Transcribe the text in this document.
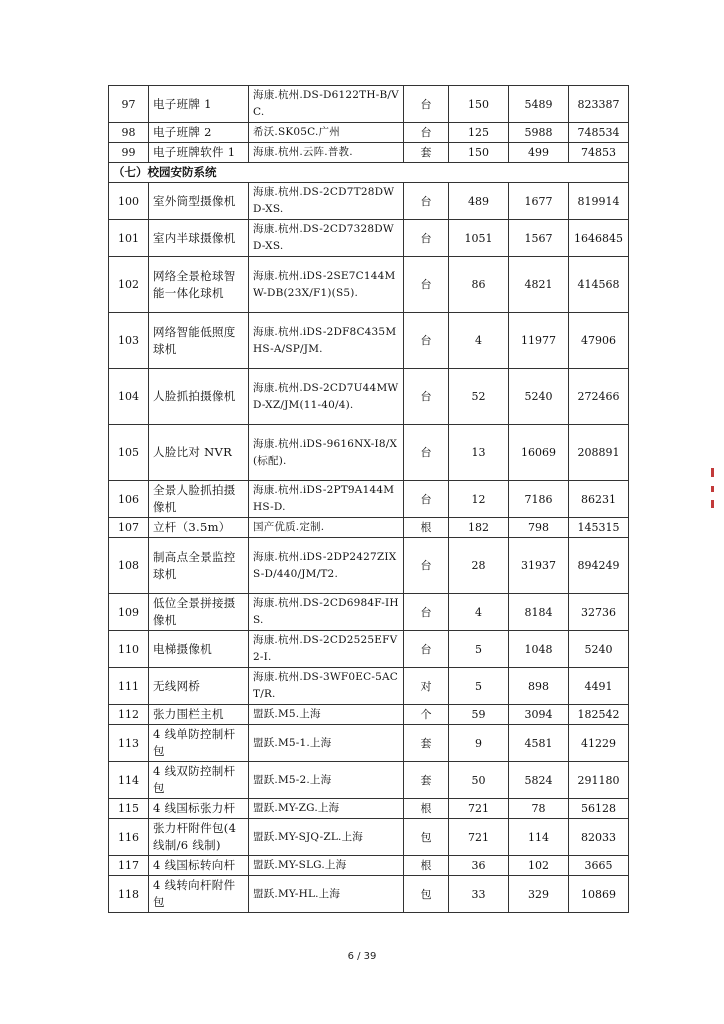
97	电子班牌 1	海康.杭州.DS-D6122TH-B/VC.	台	150	5489	823387
98	电子班牌 2	希沃.SK05C.广州	台	125	5988	748534
99	电子班牌软件 1	海康.杭州.云阵.普教.	套	150	499	74853
（七）校园安防系统						
100	室外筒型摄像机	海康.杭州.DS-2CD7T28DWD-XS.	台	489	1677	819914
101	室内半球摄像机	海康.杭州.DS-2CD7328DWD-XS.	台	1051	1567	1646845
102	网络全景枪球智能一体化球机	海康.杭州.iDS-2SE7C144MW-DB(23X/F1)(S5).	台	86	4821	414568
103	网络智能低照度球机	海康.杭州.iDS-2DF8C435MHS-A/SP/JM.	台	4	11977	47906
104	人脸抓拍摄像机	海康.杭州.DS-2CD7U44MWD-XZ/JM(11-40/4).	台	52	5240	272466
105	人脸比对 NVR	海康.杭州.iDS-9616NX-I8/X(标配).	台	13	16069	208891
106	全景人脸抓拍摄像机	海康.杭州.iDS-2PT9A144MHS-D.	台	12	7186	86231
107	立杆（3.5m）	国产优质.定制.	根	182	798	145315
108	制高点全景监控球机	海康.杭州.iDS-2DP2427ZIXS-D/440/JM/T2.	台	28	31937	894249
109	低位全景拼接摄像机	海康.杭州.DS-2CD6984F-IHS.	台	4	8184	32736
110	电梯摄像机	海康.杭州.DS-2CD2525EFV2-I.	台	5	1048	5240
111	无线网桥	海康.杭州.DS-3WF0EC-5ACT/R.	对	5	898	4491
112	张力围栏主机	盟跃.M5.上海	个	59	3094	182542
113	4 线单防控制杆包	盟跃.M5-1.上海	套	9	4581	41229
114	4 线双防控制杆包	盟跃.M5-2.上海	套	50	5824	291180
115	4 线国标张力杆	盟跃.MY-ZG.上海	根	721	78	56128
116	张力杆附件包(4 线制/6 线制)	盟跃.MY-SJQ-ZL.上海	包	721	114	82033
117	4 线国标转向杆	盟跃.MY-SLG.上海	根	36	102	3665
118	4 线转向杆附件包	盟跃.MY-HL.上海	包	33	329	10869
6 / 39
